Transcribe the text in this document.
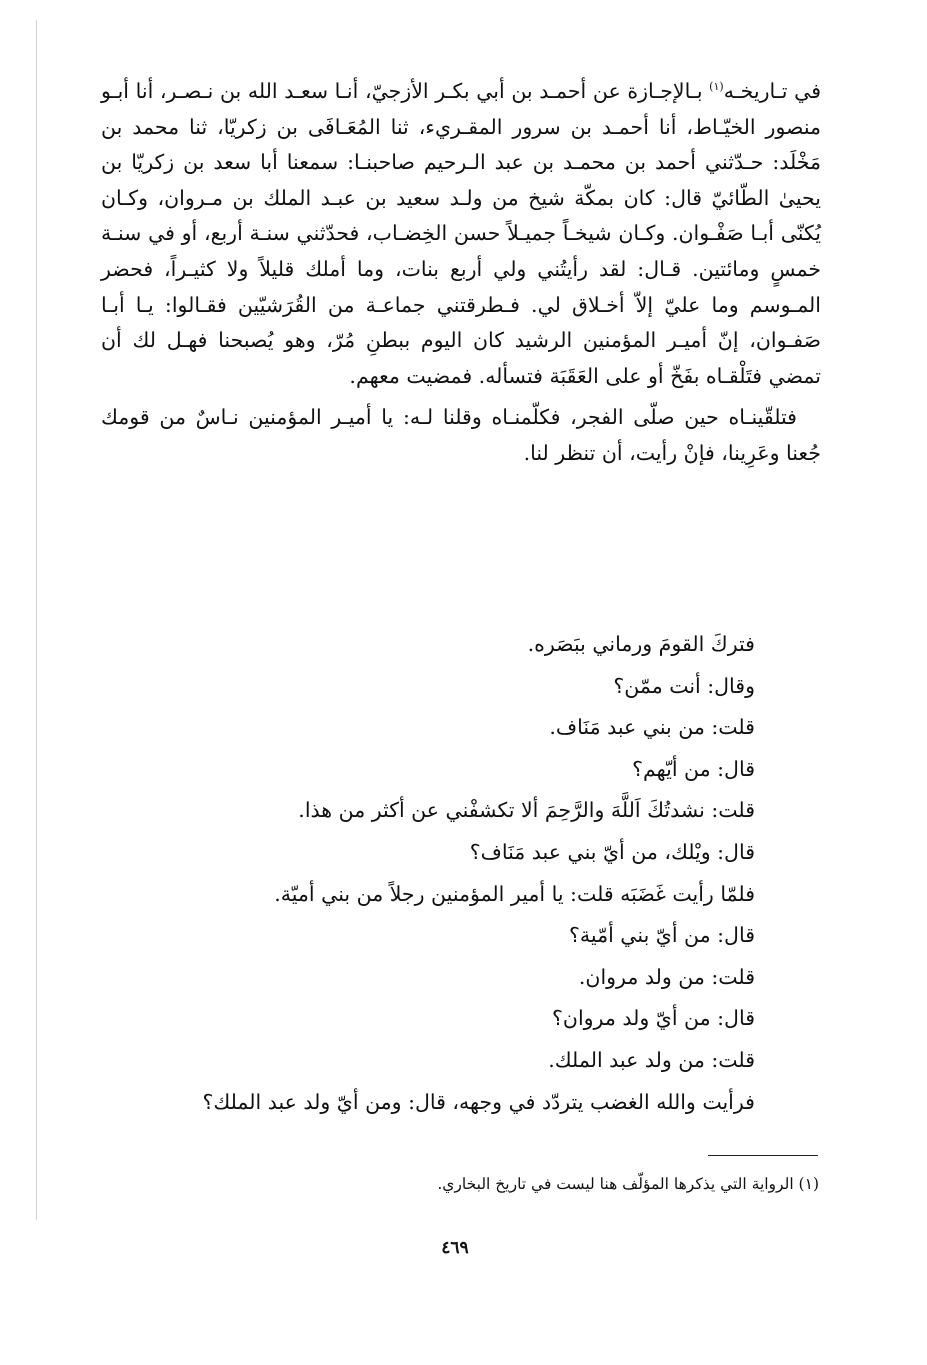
في تـاريخـه$^{(١)}$ بـالإجـازة عن أحمـد بن أبي بكـر الأزجيّ، أنـا سعـد الله بن نـصـر، أنا أبـو منصور الخيّـاط، أنا أحمـد بن سرور المقـريء، ثنا المُعَـافَى بن زكريّا، ثنا محمد بن مَخْلَد: حـدّثني أحمد بن محمـد بن عبد الـرحيم صاحبنـا: سمعنا أبا سعد بن زكريّا بن يحيىٰ الطّائيّ قال: كان بمكّة شيخ من ولـد سعيد بن عبـد الملك بن مـروان، وكـان يُكنّى أبـا صَفْـوان. وكـان شيخـاً جميـلاً حسن الخِضـاب، فحدّثني سنـة أربع، أو في سنـة خمسٍ ومائتين. قـال: لقد رأيتُني ولي أربع بنات، وما أملك قليلاً ولا كثيـراً، فحضر المـوسم وما عليّ إلاّ أخـلاق لي. فـطرقتني جماعـة من القُرَشيّين فقـالوا: يـا أبـا صَفـوان، إنّ أميـر المؤمنين الرشيد كان اليوم ببطنِ مُرّ، وهو يُصبحنا فهـل لك أن تمضي فتَلْقـاه بفَخّ أو على العَقَبَة فتسأله. فمضيت معهم.

فتلقّينـاه حين صلّى الفجر، فكلّمنـاه وقلنا لـه: يا أميـر المؤمنين نـاسٌ من قومك جُعنا وعَرِينا، فإنْ رأيت، أن تنظر لنا.

فتركَ القومَ ورماني ببَصَره.
وقال: أنت ممّن؟
قلت: من بني عبد مَنَاف.
قال: من أيّهم؟
قلت: نشدتُكَ اَللَّهَ والرَّحِمَ ألا تكشفْني عن أكثر من هذا.
قال: ويْلك، من أيّ بني عبد مَنَاف؟
فلمّا رأيت غَضَبَه قلت: يا أمير المؤمنين رجلاً من بني أميّة.
قال: من أيّ بني أمّية؟
قلت: من ولد مروان.
قال: من أيّ ولد مروان؟
قلت: من ولد عبد الملك.
فرأيت والله الغضب يتردّد في وجهه، قال: ومن أيّ ولد عبد الملك؟
(١) الرواية التي يذكرها المؤلّف هنا ليست في تاريخ البخاري.
٤٦٩
